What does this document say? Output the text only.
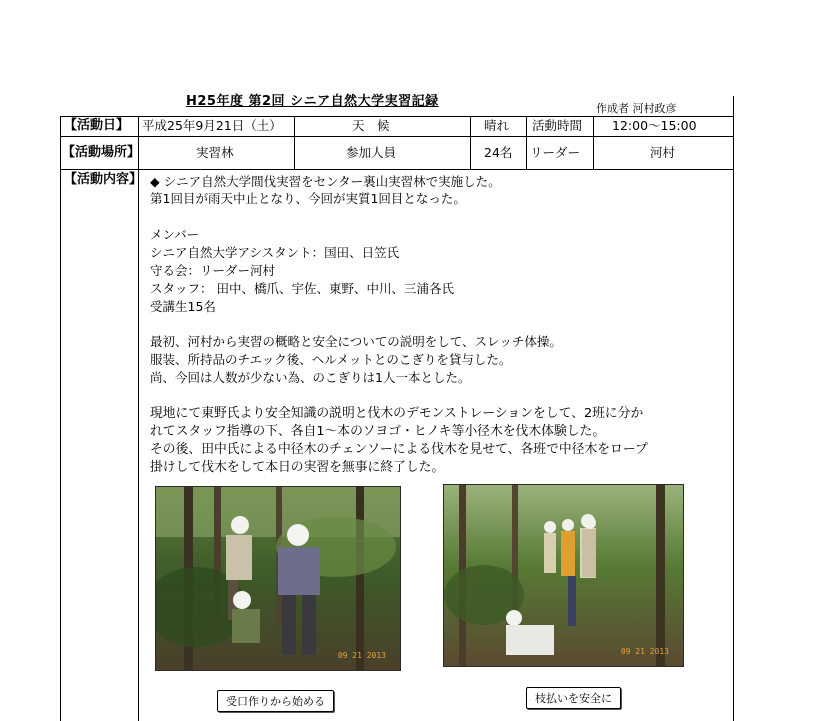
H25年度 第2回 シニア自然大学実習記録	作成者 河村政彦
【活動日】 平成25年9月21日（土）	天　候	晴れ 活動時間 12:00～15:00
【活動場所】	実習林	参加人員	24名 リーダー	河村
【活動内容】 ◆ シニア自然大学間伐実習をセンター裏山実習林で実施した。
第1回目が雨天中止となり、今回が実質1回目となった。
メンバー
シニア自然大学アシスタント：国田、日笠氏
守る会：リーダー河村
スタッフ： 田中、橋爪、宇佐、東野、中川、三浦各氏
受講生15名
最初、河村から実習の概略と安全についての説明をして、スレッチ体操。
服装、所持品のチエック後、ヘルメットとのこぎりを貸与した。
尚、今回は人数が少ない為、のこぎりは1人一本とした。
現地にて東野氏より安全知識の説明と伐木のデモンストレーションをして、2班に分か
れてスタッフ指導の下、各自1～本のソヨゴ・ヒノキ等小径木を伐木体験した。
その後、田中氏による中径木のチェンソーによる伐木を見せて、各班で中径木をロープ
掛けして伐木をして本日の実習を無事に終了した。
09 21 2013	09 21 2013
受口作りから始める	枝払いを安全に
